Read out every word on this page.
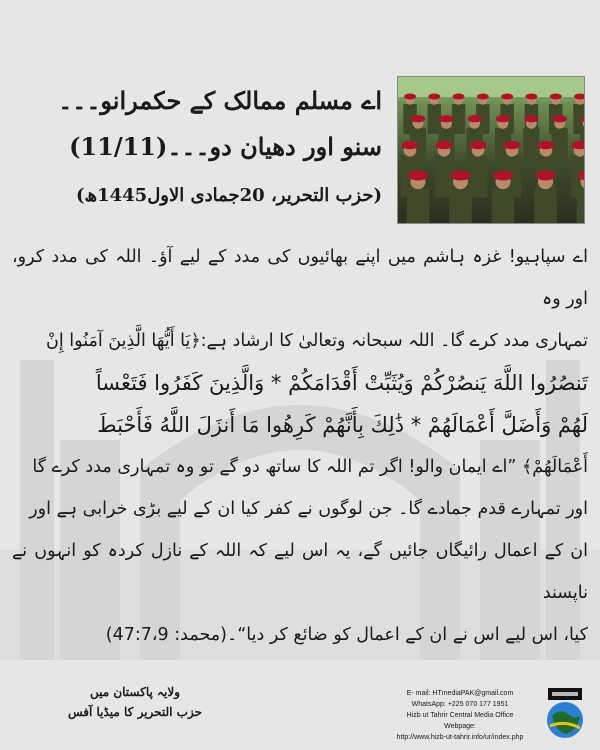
اے مسلم ممالک کے حکمرانو۔۔۔
سنو اور دھیان دو۔۔۔(11/11)
(حزب التحریر، 20جمادی الاول1445ھ)
اے سپاہیو! غزہ ہاشم میں اپنے بھائیوں کی مدد کے لیے آؤ۔ اللہ کی مدد کرو، اور وہ
تمہاری مدد کرے گا۔ اللہ سبحانہ وتعالیٰ کا ارشاد ہے:﴿يَا أَيُّهَا الَّذِينَ آمَنُوا إِنْ
تَنصُرُوا اللَّهَ يَنصُرْكُمْ وَيُثَبِّتْ أَقْدَامَكُمْ * وَالَّذِينَ كَفَرُوا فَتَعْساً
لَهُمْ وَأَضَلَّ أَعْمَالَهُمْ * ذَٰلِكَ بِأَنَّهُمْ كَرِهُوا مَا أَنزَلَ اللَّهُ فَأَحْبَطَ
أَعْمَالَهُمْ﴾ ”اے ایمان والو! اگر تم اللہ کا ساتھ دو گے تو وہ تمہاری مدد کرے گا
اور تمہارے قدم جمادے گا۔ جن لوگوں نے کفر کیا ان کے لیے بڑی خرابی ہے اور
ان کے اعمال رائیگاں جائیں گے، یہ اس لیے کہ اللہ کے نازل کردہ کو انہوں نے ناپسند
کیا، اس لیے اس نے ان کے اعمال کو ضائع کر دیا“۔(محمد: 47:7،9)
ولایہ پاکستان میں
حزب التحریر کا میڈیا آفس
E- mail: HTmediaPAK@gmail.com
WhatsApp: +225 070 177 1951
Hizb ut Tahrir Central Media Office Webpage:
http://www.hizb-ut-tahrir.info/ur/index.php
